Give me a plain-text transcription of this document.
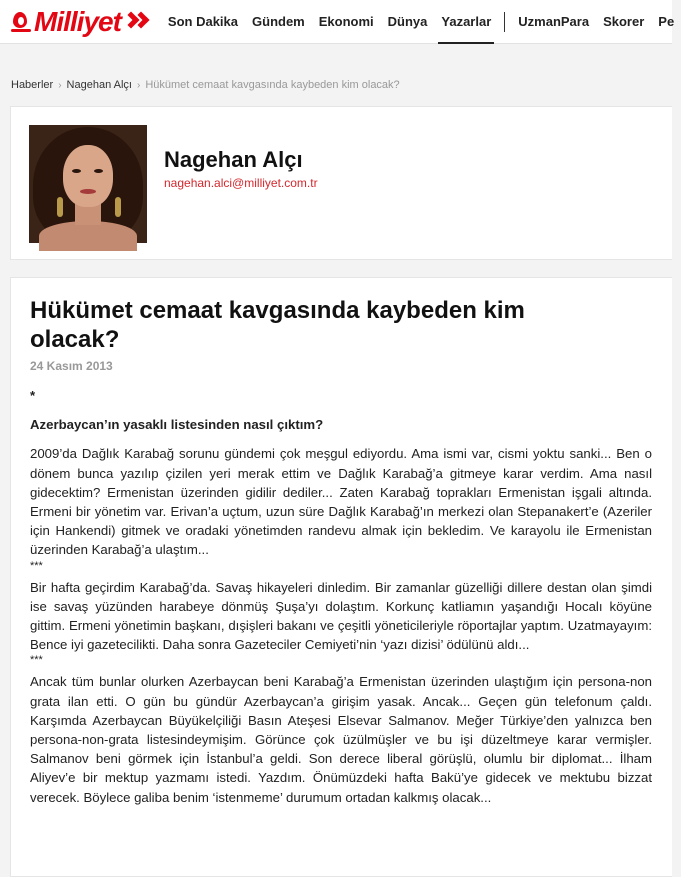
Milliyet	Son Dakika	Gündem	Ekonomi	Dünya	Yazarlar	UzmanPara	Skorer	Pe
Haberler › Nagehan Alçı › Hükümet cemaat kavgasında kaybeden kim olacak?
Nagehan Alçı
nagehan.alci@milliyet.com.tr
Hükümet cemaat kavgasında kaybeden kim olacak?
24 Kasım 2013

*

Azerbaycan’ın yasaklı listesinden nasıl çıktım?

2009’da Dağlık Karabağ sorunu gündemi çok meşgul ediyordu. Ama ismi var, cismi yoktu sanki... Ben o dönem bunca yazılıp çizilen yeri merak ettim ve Dağlık Karabağ’a gitmeye karar verdim. Ama nasıl gidecektim? Ermenistan üzerinden gidilir dediler... Zaten Karabağ toprakları Ermenistan işgali altında. Ermeni bir yönetim var. Erivan’a uçtum, uzun süre Dağlık Karabağ’ın merkezi olan Stepanakert’e (Azeriler için Hankendi) gitmek ve oradaki yönetimden randevu almak için bekledim. Ve karayolu ile Ermenistan üzerinden Karabağ’a ulaştım...

***

Bir hafta geçirdim Karabağ’da. Savaş hikayeleri dinledim. Bir zamanlar güzelliği dillere destan olan şimdi ise savaş yüzünden harabeye dönmüş Şuşa’yı dolaştım. Korkunç katliamın yaşandığı Hocalı köyüne gittim. Ermeni yönetimin başkanı, dışişleri bakanı ve çeşitli yöneticileriyle röportajlar yaptım. Uzatmayayım: Bence iyi gazetecilikti. Daha sonra Gazeteciler Cemiyeti’nin ‘yazı dizisi’ ödülünü aldı...

***

Ancak tüm bunlar olurken Azerbaycan beni Karabağ’a Ermenistan üzerinden ulaştığım için persona-non grata ilan etti. O gün bu gündür Azerbaycan’a girişim yasak. Ancak... Geçen gün telefonum çaldı. Karşımda Azerbaycan Büyükelçiliği Basın Ateşesi Elsevar Salmanov. Meğer Türkiye’den yalnızca ben persona-non-grata listesindeymişim. Görünce çok üzülmüşler ve bu işi düzeltmeye karar vermişler. Salmanov beni görmek için İstanbul’a geldi. Son derece liberal görüşlü, olumlu bir diplomat... İlham Aliyev’e bir mektup yazmamı istedi. Yazdım. Önümüzdeki hafta Bakü’ye gidecek ve mektubu bizzat verecek. Böylece galiba benim ‘istenmeme’ durumum ortadan kalkmış olacak...
